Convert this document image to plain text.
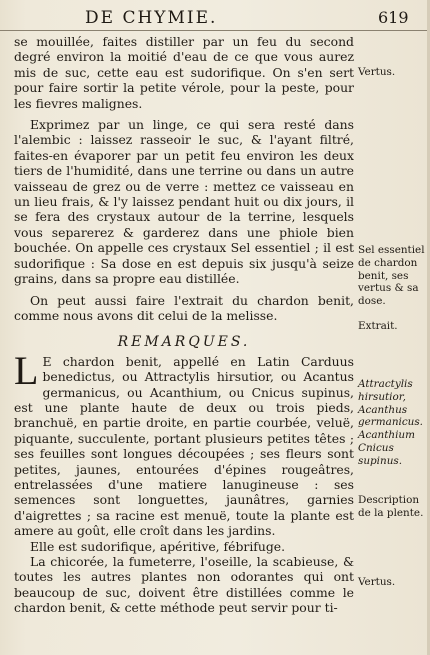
DE CHYMIE.	619

se mouillée, faites distiller par un feu du second degré environ la moitié d'eau de ce que vous aurez mis de suc, cette eau est sudorifique. On s'en sert pour faire sortir la petite vérole, pour la peste, pour les fievres malignes.

Exprimez par un linge, ce qui sera resté dans l'alembic : laissez rasseoir le suc, & l'ayant filtré, faites-en évaporer par un petit feu environ les deux tiers de l'humidité, dans une terrine ou dans un autre vaisseau de grez ou de verre : mettez ce vaisseau en un lieu frais, & l'y laissez pendant huit ou dix jours, il se fera des crystaux autour de la terrine, lesquels vous separerez & garderez dans une phiole bien bouchée. On appelle ces crystaux Sel essentiel ; il est sudorifique : Sa dose en est depuis six jusqu'à seize grains, dans sa propre eau distillée.

On peut aussi faire l'extrait du chardon benit, comme nous avons dit celui de la melisse.

REMARQUES.
L E chardon benit, appellé en Latin Carduus benedictus, ou Attractylis hirsutior, ou Acantus germanicus, ou Acanthium, ou Cnicus supinus, est une plante haute de deux ou trois pieds, branchuë, en partie droite, en partie courbée, veluë, piquante, succulente, portant plusieurs petites têtes ; ses feuilles sont longues découpées ; ses fleurs sont petites, jaunes, entourées d'épines rougeâtres, entrelassées d'une matiere lanugineuse : ses semences sont longuettes, jaunâtres, garnies d'aigrettes ; sa racine est menuë, toute la plante est amere au goût, elle croît dans les jardins.

Elle est sudorifique, apéritive, fébrifuge.

La chicorée, la fumeterre, l'oseille, la scabieuse, & toutes les autres plantes non odorantes qui ont beaucoup de suc, doivent être distillées comme le chardon benit, & cette méthode peut servir pour ti-

Vertus.
Sel essentiel de chardon benit, ses vertus & sa dose.
Extrait.
Attractylis hirsutior, Acanthus germanicus. Acanthium Cnicus supinus.
Description de la plente.
Vertus.
